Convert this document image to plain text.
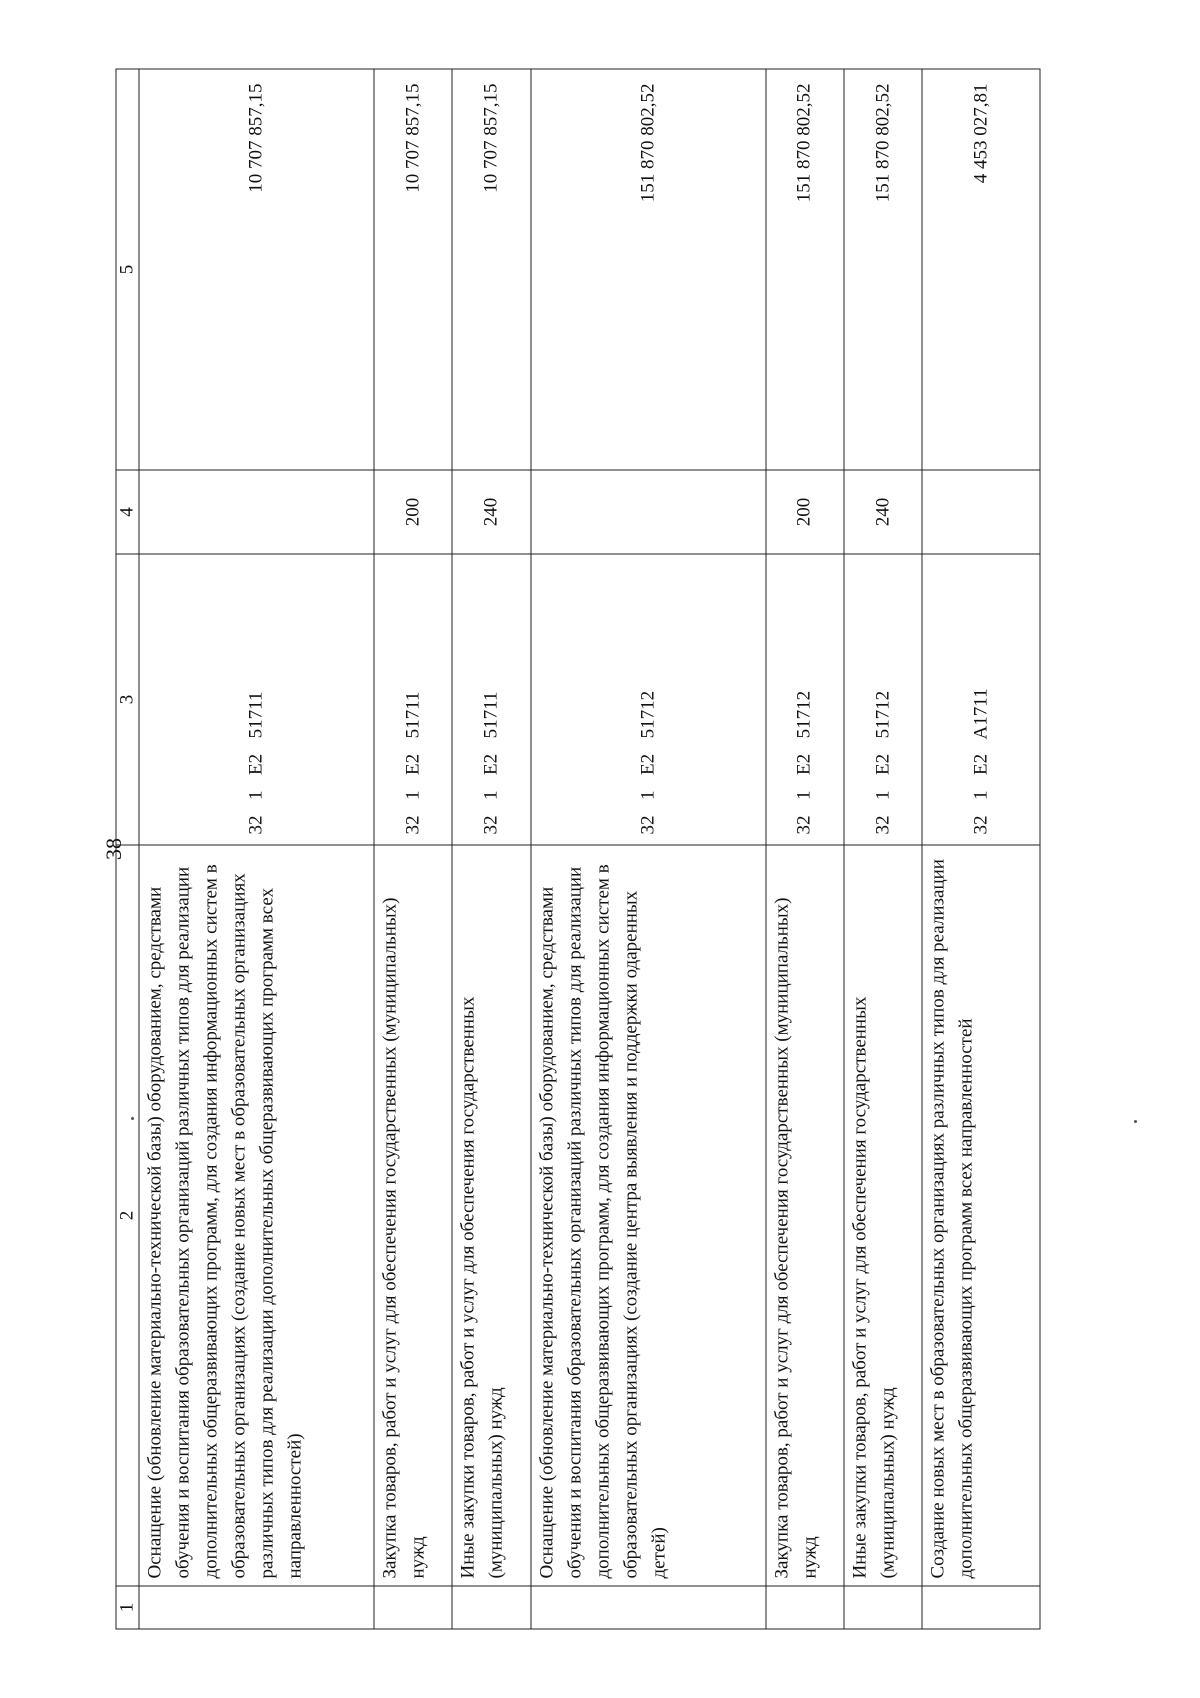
38
1	2	3	4	5
	Оснащение (обновление материально-технической базы) оборудованием, средствами обучения и воспитания образовательных организаций различных типов для реализации дополнительных общеразвивающих программ, для создания информационных систем в образовательных организациях (создание новых мест в образовательных организациях различных типов для реализации дополнительных общеразвивающих программ всех направленностей)	32  1  E2  51711		10 707 857,15
	Закупка товаров, работ и услуг для обеспечения государственных (муниципальных) нужд	32  1  E2  51711	200	10 707 857,15
	Иные закупки товаров, работ и услуг для обеспечения государственных (муниципальных) нужд	32  1  E2  51711	240	10 707 857,15
	Оснащение (обновление материально-технической базы) оборудованием, средствами обучения и воспитания образовательных организаций различных типов для реализации дополнительных общеразвивающих программ, для создания информационных систем в образовательных организациях (создание центра выявления и поддержки одаренных детей)	32  1  E2  51712		151 870 802,52
	Закупка товаров, работ и услуг для обеспечения государственных (муниципальных) нужд	32  1  E2  51712	200	151 870 802,52
	Иные закупки товаров, работ и услуг для обеспечения государственных (муниципальных) нужд	32  1  E2  51712	240	151 870 802,52
	Создание новых мест в образовательных организациях различных типов для реализации дополнительных общеразвивающих программ всех направленностей	32  1  E2  A1711		4 453 027,81
